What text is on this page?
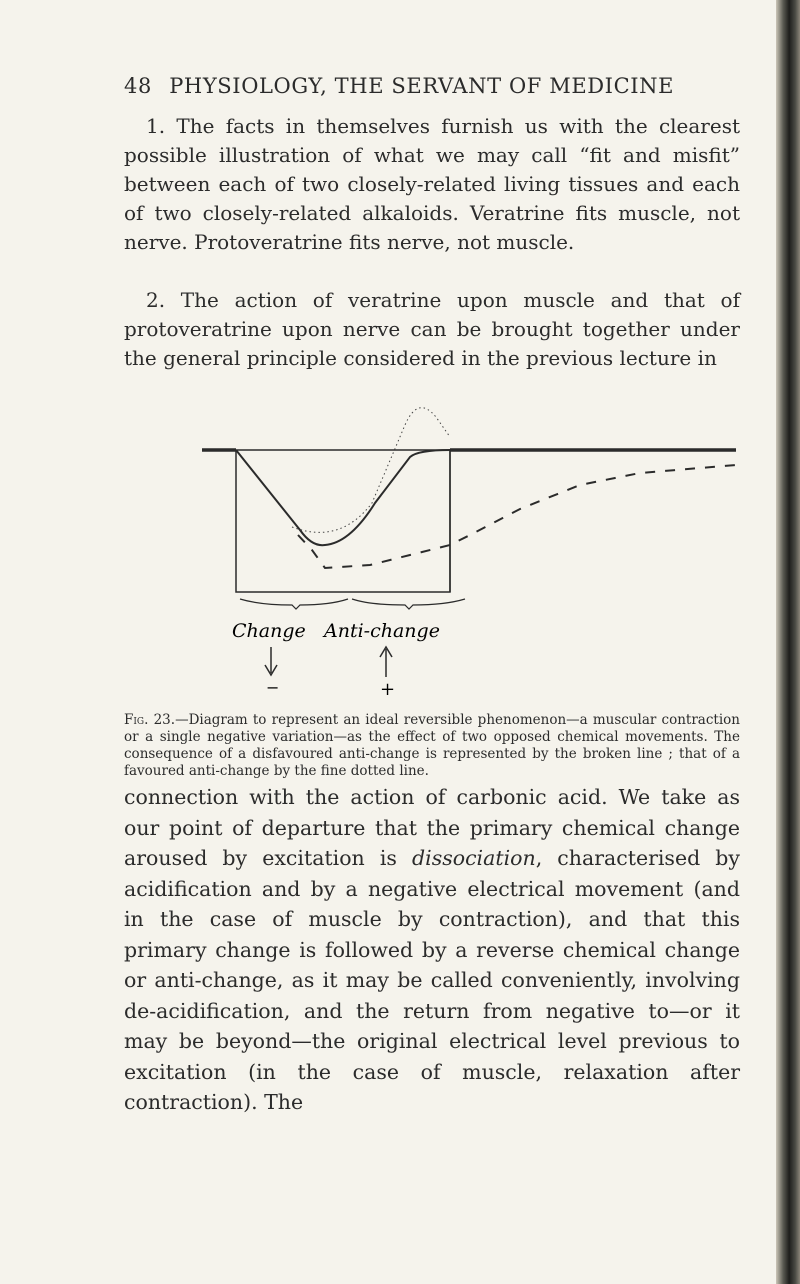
48 PHYSIOLOGY, THE SERVANT OF MEDICINE

1. The facts in themselves furnish us with the clearest possible illustration of what we may call “fit and misfit” between each of two closely-related living tissues and each of two closely-related alkaloids. Veratrine fits muscle, not nerve. Protoveratrine fits nerve, not muscle.

2. The action of veratrine upon muscle and that of protoveratrine upon nerve can be brought together under the general principle considered in the previous lecture in

Change Anti-change
−	+

Fig. 23.—Diagram to represent an ideal reversible phenomenon—a muscular contraction or a single negative variation—as the effect of two opposed chemical movements. The consequence of a disfavoured anti-change is represented by the broken line ; that of a favoured anti-change by the fine dotted line.

connection with the action of carbonic acid. We take as our point of departure that the primary chemical change aroused by excitation is dissociation, characterised by acidification and by a negative electrical movement (and in the case of muscle by contraction), and that this primary change is followed by a reverse chemical change or anti-change, as it may be called conveniently, involving de-acidification, and the return from negative to—or it may be beyond—the original electrical level previous to excitation (in the case of muscle, relaxation after contraction). The
